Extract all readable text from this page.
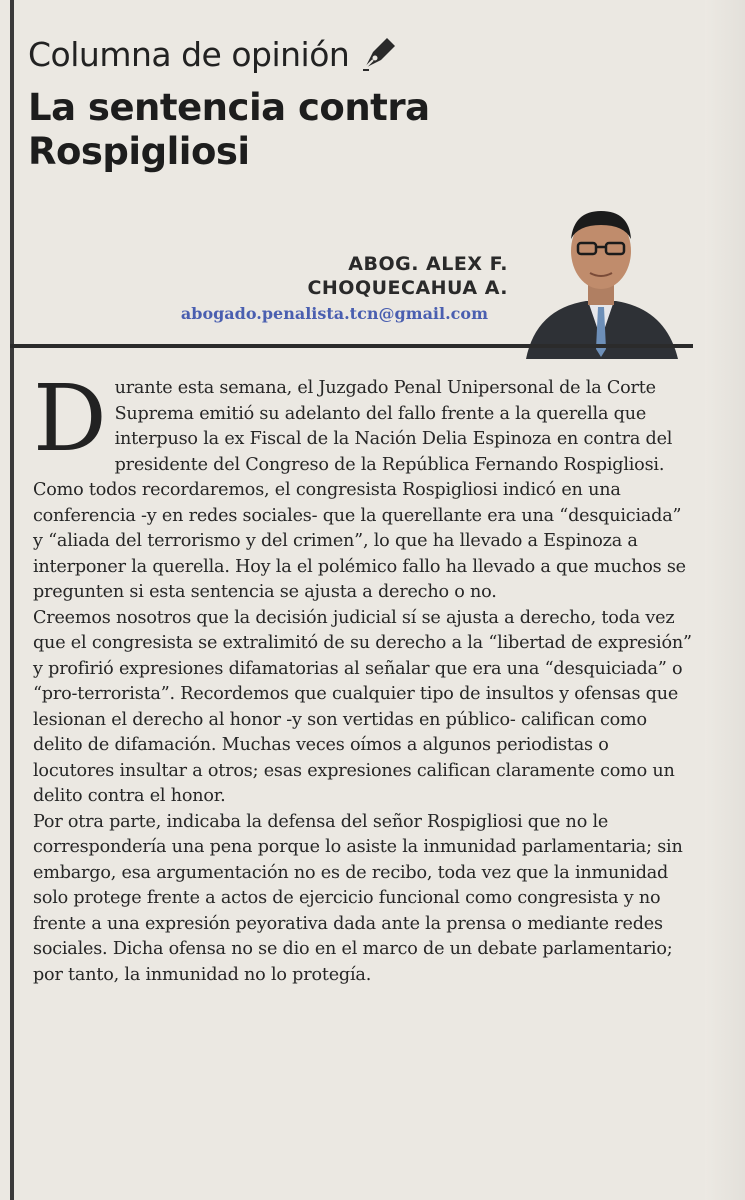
Columna de opinión
La sentencia contra
Rospigliosi
ABOG. ALEX F.
CHOQUECAHUA A.
abogado.penalista.tcn@gmail.com

Durante esta semana, el Juzgado Penal Unipersonal de la Corte Suprema emitió su adelanto del fallo frente a la querella que interpuso la ex Fiscal de la Nación Delia Espinoza en contra del presidente del Congreso de la República Fernando Rospigliosi. Como todos recordaremos, el congresista Rospigliosi indicó en una conferencia -y en redes sociales- que la querellante era una “desquiciada” y “aliada del terrorismo y del crimen”, lo que ha llevado a Espinoza a interponer la querella. Hoy la el polémico fallo ha llevado a que muchos se pregunten si esta sentencia se ajusta a derecho o no.

Creemos nosotros que la decisión judicial sí se ajusta a derecho, toda vez que el congresista se extralimitó de su derecho a la “libertad de expresión” y profirió expresiones difamatorias al señalar que era una “desquiciada” o “pro-terrorista”. Recordemos que cualquier tipo de insultos y ofensas que lesionan el derecho al honor -y son vertidas en público- califican como delito de difamación. Muchas veces oímos a algunos periodistas o locutores insultar a otros; esas expresiones califican claramente como un delito contra el honor.

Por otra parte, indicaba la defensa del señor Rospigliosi que no le correspondería una pena porque lo asiste la inmunidad parlamentaria; sin embargo, esa argumentación no es de recibo, toda vez que la inmunidad solo protege frente a actos de ejercicio funcional como congresista y no frente a una expresión peyorativa dada ante la prensa o mediante redes sociales. Dicha ofensa no se dio en el marco de un debate parlamentario; por tanto, la inmunidad no lo protegía.
